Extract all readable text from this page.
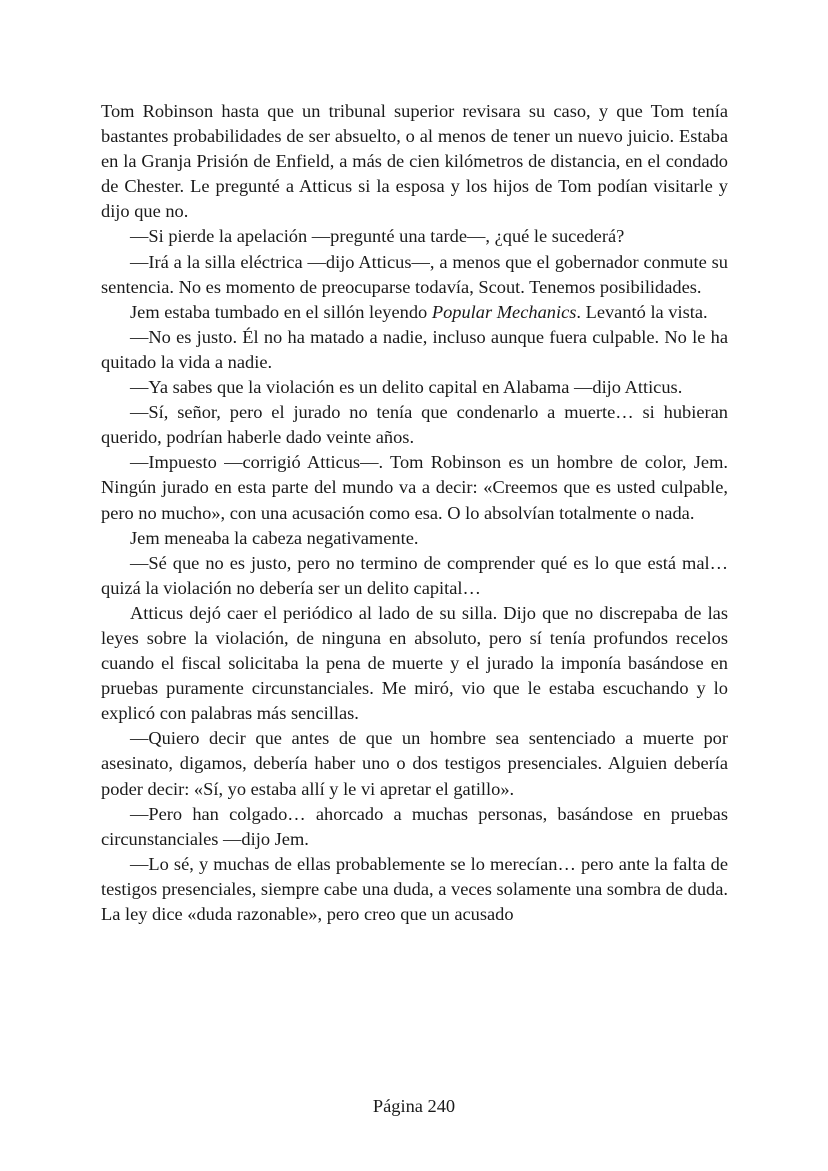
Tom Robinson hasta que un tribunal superior revisara su caso, y que Tom tenía bastantes probabilidades de ser absuelto, o al menos de tener un nuevo juicio. Estaba en la Granja Prisión de Enfield, a más de cien kilómetros de distancia, en el condado de Chester. Le pregunté a Atticus si la esposa y los hijos de Tom podían visitarle y dijo que no.

—Si pierde la apelación —pregunté una tarde—, ¿qué le sucederá?

—Irá a la silla eléctrica —dijo Atticus—, a menos que el gobernador conmute su sentencia. No es momento de preocuparse todavía, Scout. Tenemos posibilidades.

Jem estaba tumbado en el sillón leyendo Popular Mechanics. Levantó la vista.

—No es justo. Él no ha matado a nadie, incluso aunque fuera culpable. No le ha quitado la vida a nadie.

—Ya sabes que la violación es un delito capital en Alabama —dijo Atticus.

—Sí, señor, pero el jurado no tenía que condenarlo a muerte… si hubieran querido, podrían haberle dado veinte años.

—Impuesto —corrigió Atticus—. Tom Robinson es un hombre de color, Jem. Ningún jurado en esta parte del mundo va a decir: «Creemos que es usted culpable, pero no mucho», con una acusación como esa. O lo absolvían totalmente o nada.

Jem meneaba la cabeza negativamente.

—Sé que no es justo, pero no termino de comprender qué es lo que está mal… quizá la violación no debería ser un delito capital…

Atticus dejó caer el periódico al lado de su silla. Dijo que no discrepaba de las leyes sobre la violación, de ninguna en absoluto, pero sí tenía profundos recelos cuando el fiscal solicitaba la pena de muerte y el jurado la imponía basándose en pruebas puramente circunstanciales. Me miró, vio que le estaba escuchando y lo explicó con palabras más sencillas.

—Quiero decir que antes de que un hombre sea sentenciado a muerte por asesinato, digamos, debería haber uno o dos testigos presenciales. Alguien debería poder decir: «Sí, yo estaba allí y le vi apretar el gatillo».

—Pero han colgado… ahorcado a muchas personas, basándose en pruebas circunstanciales —dijo Jem.

—Lo sé, y muchas de ellas probablemente se lo merecían… pero ante la falta de testigos presenciales, siempre cabe una duda, a veces solamente una sombra de duda. La ley dice «duda razonable», pero creo que un acusado

Página 240
